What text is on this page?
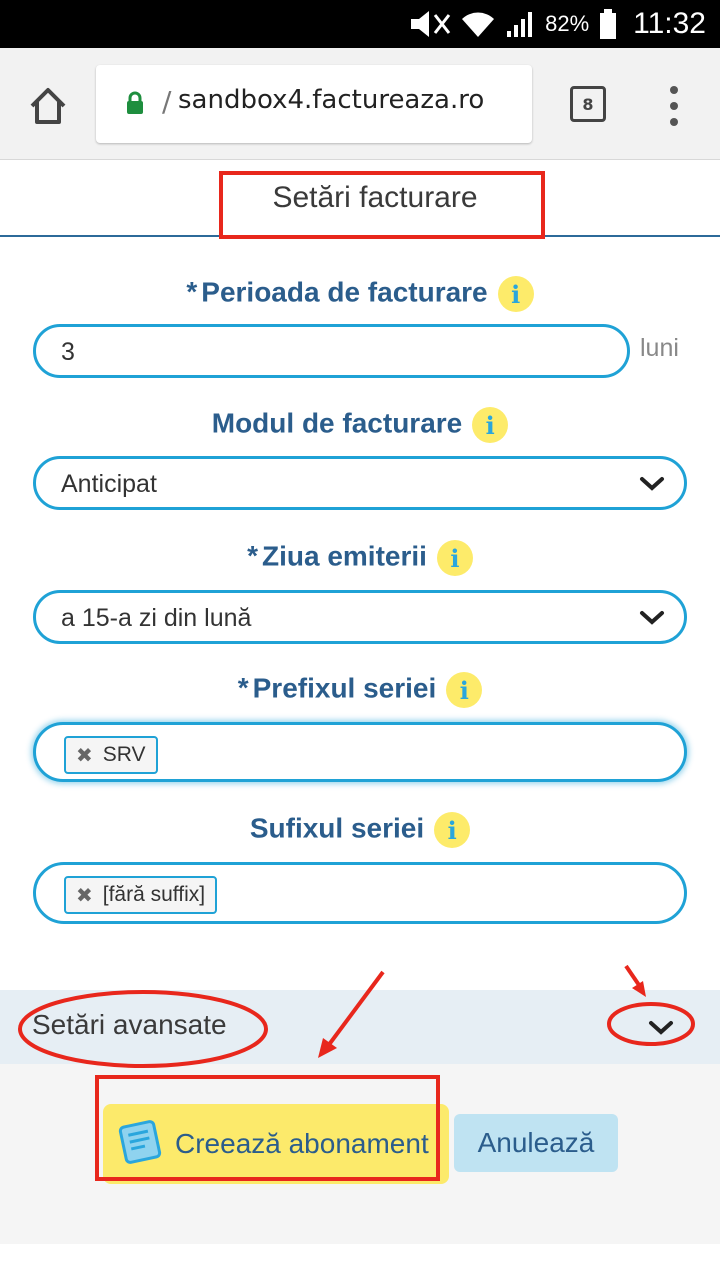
82% 11:32
/ sandbox4.factureaza.ro	8
Setări facturare
* Perioada de facturare i
3	luni
Modul de facturare i
Anticipat
* Ziua emiterii i
a 15-a zi din lună
* Prefixul seriei i
✖ SRV
Sufixul seriei i
✖ [fără suffix]
Setări avansate
Creează abonament	Anulează
